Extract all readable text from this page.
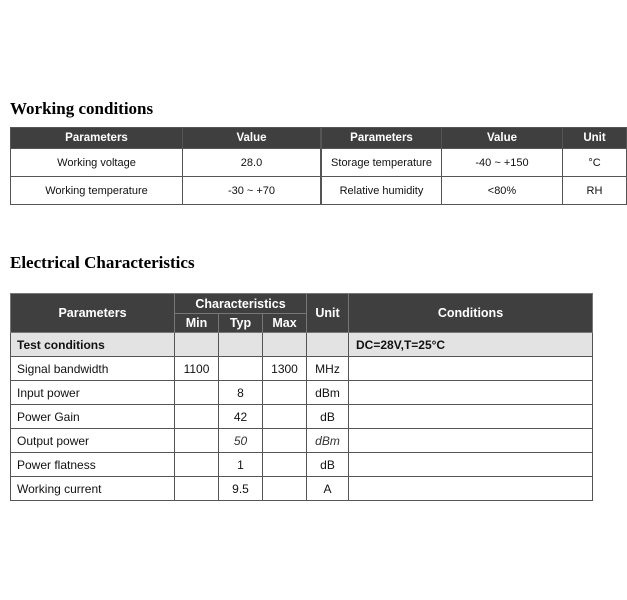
Working conditions
Parameters	Value		Parameters	Value	Unit
Working voltage	28.0		Storage temperature	-40 ~ +150	°C
Working temperature	-30 ~ +70		Relative humidity	<80%	RH
Electrical Characteristics
Parameters	Characteristics			Unit	Conditions
	Min	Typ	Max		
Test conditions					DC=28V,T=25°C
Signal bandwidth	1100		1300	MHz	
Input power		8		dBm	
Power Gain		42		dB	
Output power		50		dBm	
Power flatness		1		dB	
Working current		9.5		A	
